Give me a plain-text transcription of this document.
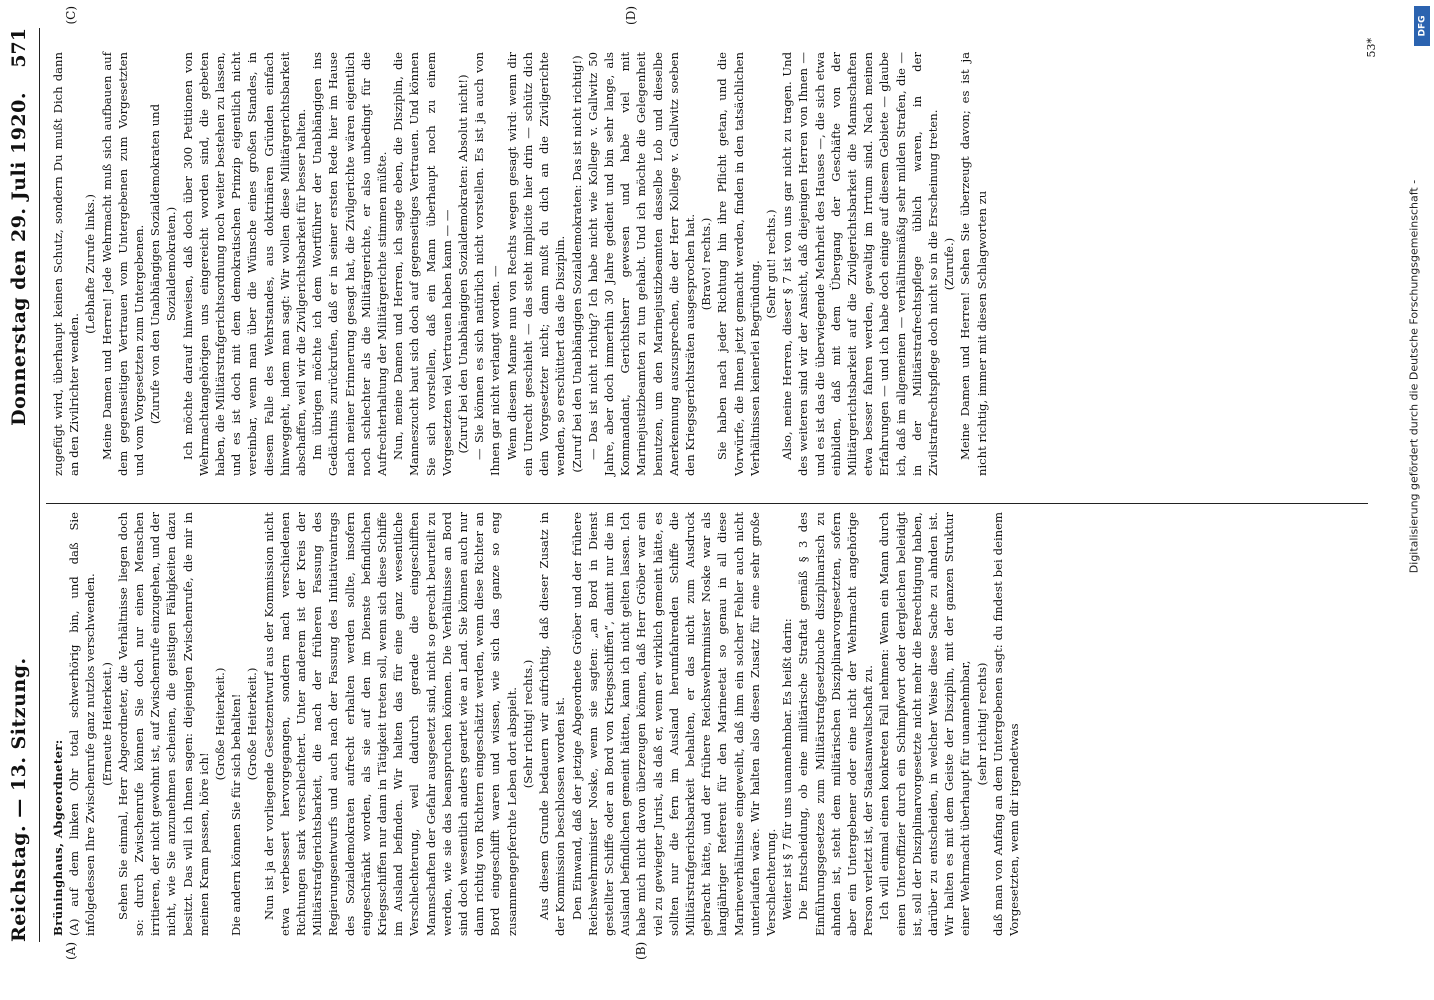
Reichstag. — 13. Sitzung.
Donnerstag den 29. Juli 1920.
571
(A)	(B)
(C)	(D)

Brüninghaus, Abgeordneter: (A) auf dem linken Ohr total schwerhörig bin, und daß Sie infolgedessen Ihre Zwischenrufe ganz nutzlos verschwenden. (Erneute Heiterkeit.) Sehen Sie einmal, Herr Abgeordneter, die Verhältnisse liegen doch so: durch Zwischenrufe können Sie doch nur einen Menschen irritieren, der nicht gewohnt ist, auf Zwischenrufe einzugehen, und der nicht, wie Sie anzunehmen scheinen, die geistigen Fähigkeiten dazu besitzt. Das will ich Ihnen sagen: diejenigen Zwischenrufe, die mir in meinen Kram passen, höre ich!

(Große Heiterkeit.) Die andern können Sie für sich behalten! (Große Heiterkeit.) Nun ist ja der vorliegende Gesetzentwurf aus der Kommission nicht etwa verbessert hervorgegangen, sondern nach verschiedenen Richtungen stark verschlechtert. Unter anderem ist der Kreis der Militärstrafgerichtsbarkeit, die nach der früheren Fassung des Regierungsentwurfs und auch nach der Fassung des Initiativantrags des Sozialdemokraten aufrecht erhalten werden sollte, insofern eingeschränkt worden, als sie auf den im Dienste befindlichen Kriegsschiffen nur dann in Tätigkeit treten soll, wenn sich diese Schiffe im Ausland befinden. Wir halten das für eine ganz wesentliche Verschlechterung, weil dadurch gerade die eingeschifften Mannschaften der Gefahr ausgesetzt sind, nicht so gerecht beurteilt zu werden, wie sie das beanspruchen können. Die Verhältnisse an Bord sind doch wesentlich anders geartet wie an Land. Sie können auch nur dann richtig von Richtern eingeschätzt werden, wenn diese Richter an Bord eingeschifft waren und wissen, wie sich das ganze so eng zusammengepferchte Leben dort abspielt. (Sehr richtig! rechts.) Aus diesem Grunde bedauern wir aufrichtig, daß dieser Zusatz in der Kommission beschlossen worden ist. Den Einwand, daß der jetzige Abgeordnete Gröber und der frühere Reichswehrminister Noske, wenn sie sagten: „an Bord in Dienst gestellter Schiffe oder an Bord von Kriegsschiffen“, damit nur die im Ausland befindlichen gemeint hätten, kann ich nicht gelten lassen. Ich habe mich nicht davon überzeugen können, daß Herr Gröber war ein viel zu gewiegter Jurist, als daß er, wenn er wirklich gemeint hätte, es sollten nur die fern im Ausland herumfahrenden Schiffe die Militärstrafgerichtsbarkeit behalten, er das nicht zum Ausdruck gebracht hätte, und der frühere Reichswehrminister Noske war als langjähriger Referent für den Marineetat so genau in all diese Marineverhältnisse eingeweiht, daß ihm ein solcher Fehler auch nicht unterlaufen wäre. Wir halten also diesen Zusatz für eine sehr große Verschlechterung. Weiter ist § 7 für uns unannehmbar. Es heißt darin: Die Entscheidung, ob eine militärische Straftat gemäß § 3 des Einführungsgesetzes zum Militärstrafgesetzbuche disziplinarisch zu ahnden ist, steht dem militärischen Disziplinarvorgesetzten, sofern aber ein Untergebener oder eine nicht der Wehrmacht angehörige Person verletzt ist, der Staatsanwaltschaft zu. Ich will einmal einen konkreten Fall nehmen: Wenn ein Mann durch einen Unteroffizier durch ein Schimpfwort oder dergleichen beleidigt ist, soll der Disziplinarvorgesetzte nicht mehr die Berechtigung haben, darüber zu entscheiden, in welcher Weise diese Sache zu ahnden ist. Wir halten es mit dem Geiste der Disziplin, mit der ganzen Struktur einer Wehrmacht überhaupt für unannehmbar, (sehr richtig! rechts) daß man von Anfang an dem Untergebenen sagt: du findest bei deinem Vorgesetzten, wenn dir irgendetwas

zugefügt wird, überhaupt keinen Schutz, sondern Du mußt Dich dann an den Zivilrichter wenden.

(Lebhafte Zurufe links.) Meine Damen und Herren! Jede Wehrmacht muß sich aufbauen auf dem gegenseitigen Vertrauen vom Untergebenen zum Vorgesetzten und vom Vorgesetzten zum Untergebenen. (Zurufe von den Unabhängigen Sozialdemokraten und Sozialdemokraten.) Ich möchte darauf hinweisen, daß doch über 300 Petitionen von Wehrmachtangehörigen uns eingereicht worden sind, die gebeten haben, die Militärstrafgerichtsordnung noch weiter bestehen zu lassen, und es ist doch mit dem demokratischen Prinzip eigentlich nicht vereinbar, wenn man über die Wünsche eines großen Standes, in diesem Falle des Wehrstandes, aus doktrinären Gründen einfach hinweggeht, indem man sagt: Wir wollen diese Militärgerichtsbarkeit abschaffen, weil wir die Zivilgerichtsbarkeit für besser halten. Im übrigen möchte ich dem Wortführer der Unabhängigen ins Gedächtnis zurückrufen, daß er in seiner ersten Rede hier im Hause nach meiner Erinnerung gesagt hat, die Zivilgerichte wären eigentlich noch schlechter als die Militärgerichte, er also unbedingt für die Aufrechterhaltung der Militärgerichte stimmen müßte. Nun, meine Damen und Herren, ich sagte eben, die Disziplin, die Manneszucht baut sich doch auf gegenseitiges Vertrauen. Und können Sie sich vorstellen, daß ein Mann überhaupt noch zu einem Vorgesetzten viel Vertrauen haben kann — — (Zuruf bei den Unabhängigen Sozialdemokraten: Absolut nicht!) — Sie können es sich natürlich nicht vorstellen. Es ist ja auch von Ihnen gar nicht verlangt worden. — Wenn diesem Manne nun von Rechts wegen gesagt wird: wenn dir ein Unrecht geschieht — das steht implicite hier drin — schütz dich dein Vorgesetzter nicht; dann mußt du dich an die Zivilgerichte wenden, so erschüttert das die Disziplin. (Zuruf bei den Unabhängigen Sozialdemokraten: Das ist nicht richtig!) — Das ist nicht richtig? Ich habe nicht wie Kollege v. Gallwitz 50 Jahre, aber doch immerhin 30 Jahre gedient und bin sehr lange, als Kommandant, Gerichtsherr gewesen und habe viel mit Marinejustizbeamten zu tun gehabt. Und ich möchte die Gelegenheit benutzen, um den Marinejustizbeamten dasselbe Lob und dieselbe Anerkennung auszusprechen, die der Herr Kollege v. Gallwitz soeben den Kriegsgerichtsräten ausgesprochen hat. (Bravo! rechts.) Sie haben nach jeder Richtung hin ihre Pflicht getan, und die Vorwürfe, die Ihnen jetzt gemacht werden, finden in den tatsächlichen Verhältnissen keinerlei Begründung. (Sehr gut! rechts.) Also, meine Herren, dieser § 7 ist von uns gar nicht zu tragen. Und des weiteren sind wir der Ansicht, daß diejenigen Herren von Ihnen — und es ist das die überwiegende Mehrheit des Hauses —, die sich etwa einbilden, daß mit dem Übergang der Geschäfte von der Militärgerichtsbarkeit auf die Zivilgerichtsbarkeit die Mannschaften etwa besser fahren werden, gewaltig im Irrtum sind. Nach meinen Erfahrungen — und ich habe doch einige auf diesem Gebiete — glaube ich, daß im allgemeinen — verhältnismäßig sehr milden Strafen, die — in der Militärstrafrechtspflege üblich waren, in der Zivilstrafrechtspflege doch nicht so in die Erscheinung treten. (Zurufe.) Meine Damen und Herren! Sehen Sie überzeugt davon; es ist ja nicht richtig, immer mit diesen Schlagworten zu

53*
DFG
Digitalisierung gefördert durch die Deutsche Forschungsgemeinschaft -
